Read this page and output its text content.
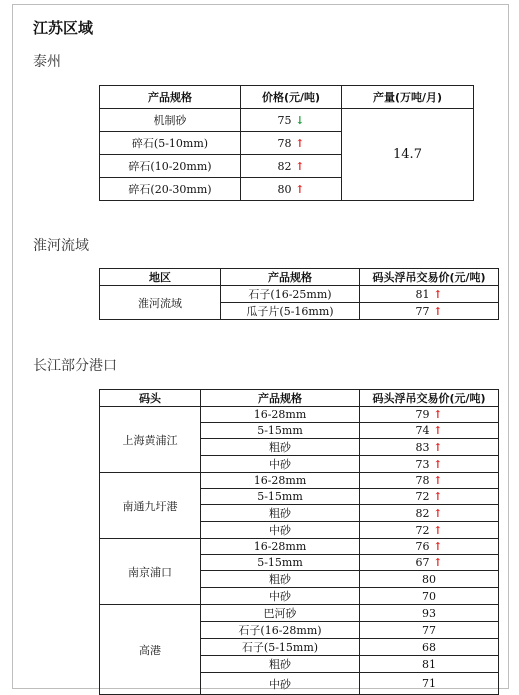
江苏区域
泰州
产品规格	价格(元/吨)	产量(万吨/月)
机制砂	75 ↓	14.7
碎石(5-10mm)	78 ↑	
碎石(10-20mm)	82 ↑	
碎石(20-30mm)	80 ↑	
淮河流域
地区	产品规格	码头浮吊交易价(元/吨)
淮河流域	石子(16-25mm)	81 ↑
	瓜子片(5-16mm)	77 ↑
长江部分港口
码头	产品规格	码头浮吊交易价(元/吨)
上海黄浦江	16-28mm	79 ↑
	5-15mm	74 ↑
	粗砂	83 ↑
	中砂	73 ↑
南通九圩港	16-28mm	78 ↑
	5-15mm	72 ↑
	粗砂	82 ↑
	中砂	72 ↑
南京浦口	16-28mm	76 ↑
	5-15mm	67 ↑
	粗砂	80
	中砂	70
高港	巴河砂	93
	石子(16-28mm)	77
	石子(5-15mm)	68
	粗砂	81
	中砂	71
